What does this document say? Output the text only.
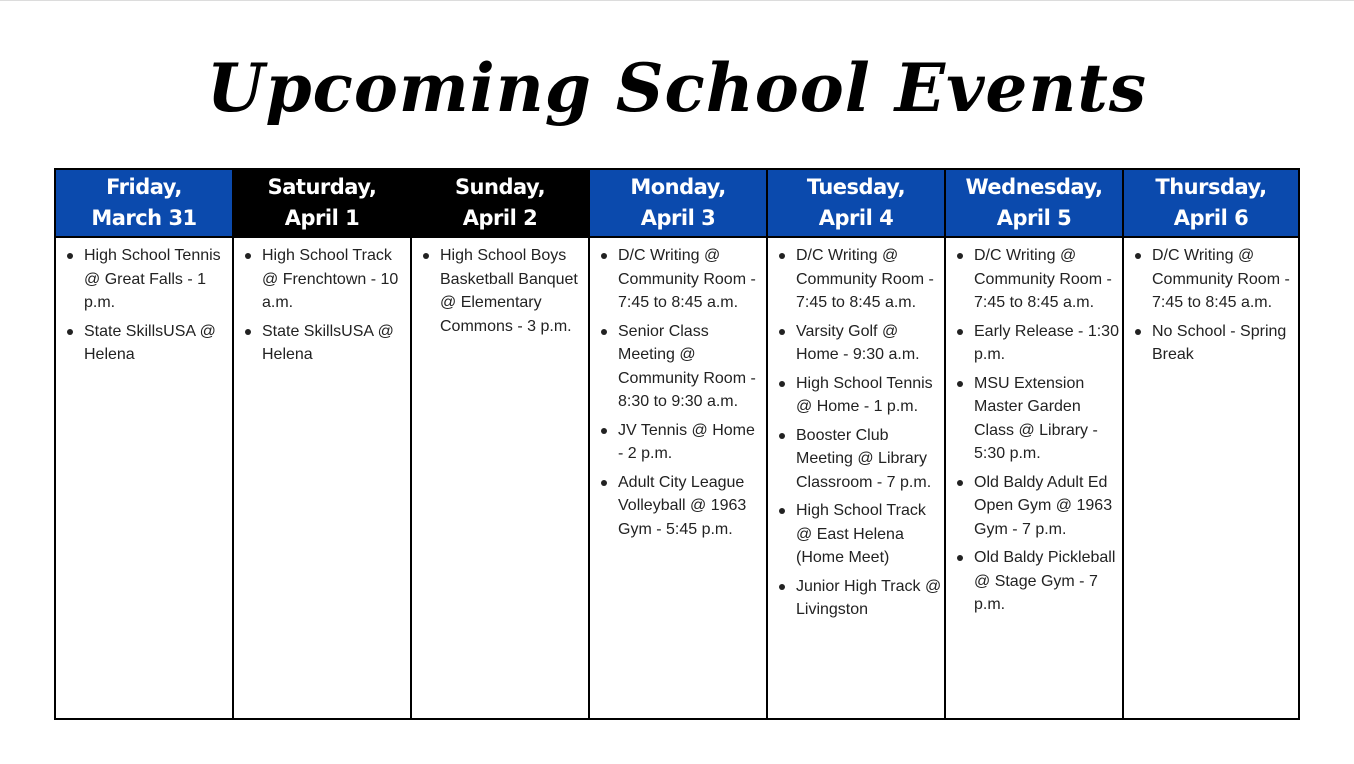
Upcoming School Events
Friday,
March 31
High School Tennis @ Great Falls - 1 p.m.
State SkillsUSA @ Helena
Saturday,
April 1
High School Track @ Frenchtown - 10 a.m.
State SkillsUSA @ Helena
Sunday,
April 2
High School Boys Basketball Banquet @ Elementary Commons - 3 p.m.
Monday,
April 3
D/C Writing @ Community Room - 7:45 to 8:45 a.m.
Senior Class Meeting @ Community Room - 8:30 to 9:30 a.m.
JV Tennis @ Home - 2 p.m.
Adult City League Volleyball @ 1963 Gym - 5:45 p.m.
Tuesday,
April 4
D/C Writing @ Community Room - 7:45 to 8:45 a.m.
Varsity Golf @ Home - 9:30 a.m.
High School Tennis @ Home - 1 p.m.
Booster Club Meeting @ Library Classroom - 7 p.m.
High School Track @ East Helena (Home Meet)
Junior High Track @ Livingston
Wednesday,
April 5
D/C Writing @ Community Room - 7:45 to 8:45 a.m.
Early Release - 1:30 p.m.
MSU Extension Master Garden Class @ Library - 5:30 p.m.
Old Baldy Adult Ed Open Gym @ 1963 Gym - 7 p.m.
Old Baldy Pickleball @ Stage Gym - 7 p.m.
Thursday,
April 6
D/C Writing @ Community Room - 7:45 to 8:45 a.m.
No School - Spring Break
